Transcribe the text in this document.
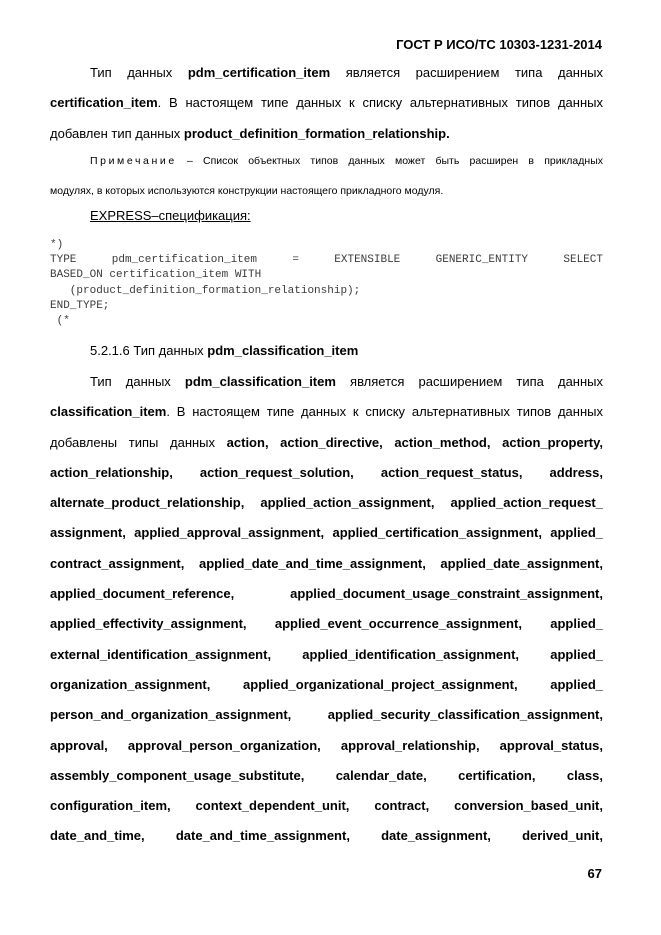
ГОСТ Р ИСО/ТС 10303-1231-2014
Тип данных pdm_certification_item является расширением типа данных
certification_item. В настоящем типе данных к списку альтернативных типов данных
добавлен тип данных product_definition_formation_relationship.
Примечание – Список объектных типов данных может быть расширен в прикладных
модулях, в которых используются конструкции настоящего прикладного модуля.
EXPRESS–спецификация:
*)
TYPE pdm_certification_item = EXTENSIBLE GENERIC_ENTITY SELECT
BASED_ON certification_item WITH
(product_definition_formation_relationship);
END_TYPE;
(*
5.2.1.6 Тип данных pdm_classification_item
Тип данных pdm_classification_item является расширением типа данных
classification_item. В настоящем типе данных к списку альтернативных типов данных
добавлены типы данных action, action_directive, action_method, action_property,
action_relationship, action_request_solution, action_request_status, address,
alternate_product_relationship, applied_action_assignment, applied_action_request_
assignment, applied_approval_assignment, applied_certification_assignment, applied_
contract_assignment, applied_date_and_time_assignment, applied_date_assignment,
applied_document_reference, applied_document_usage_constraint_assignment,
applied_effectivity_assignment, applied_event_occurrence_assignment, applied_
external_identification_assignment, applied_identification_assignment, applied_
organization_assignment, applied_organizational_project_assignment, applied_
person_and_organization_assignment, applied_security_classification_assignment,
approval, approval_person_organization, approval_relationship, approval_status,
assembly_component_usage_substitute, calendar_date, certification, class,
configuration_item, context_dependent_unit, contract, conversion_based_unit,
date_and_time, date_and_time_assignment, date_assignment, derived_unit,
67
